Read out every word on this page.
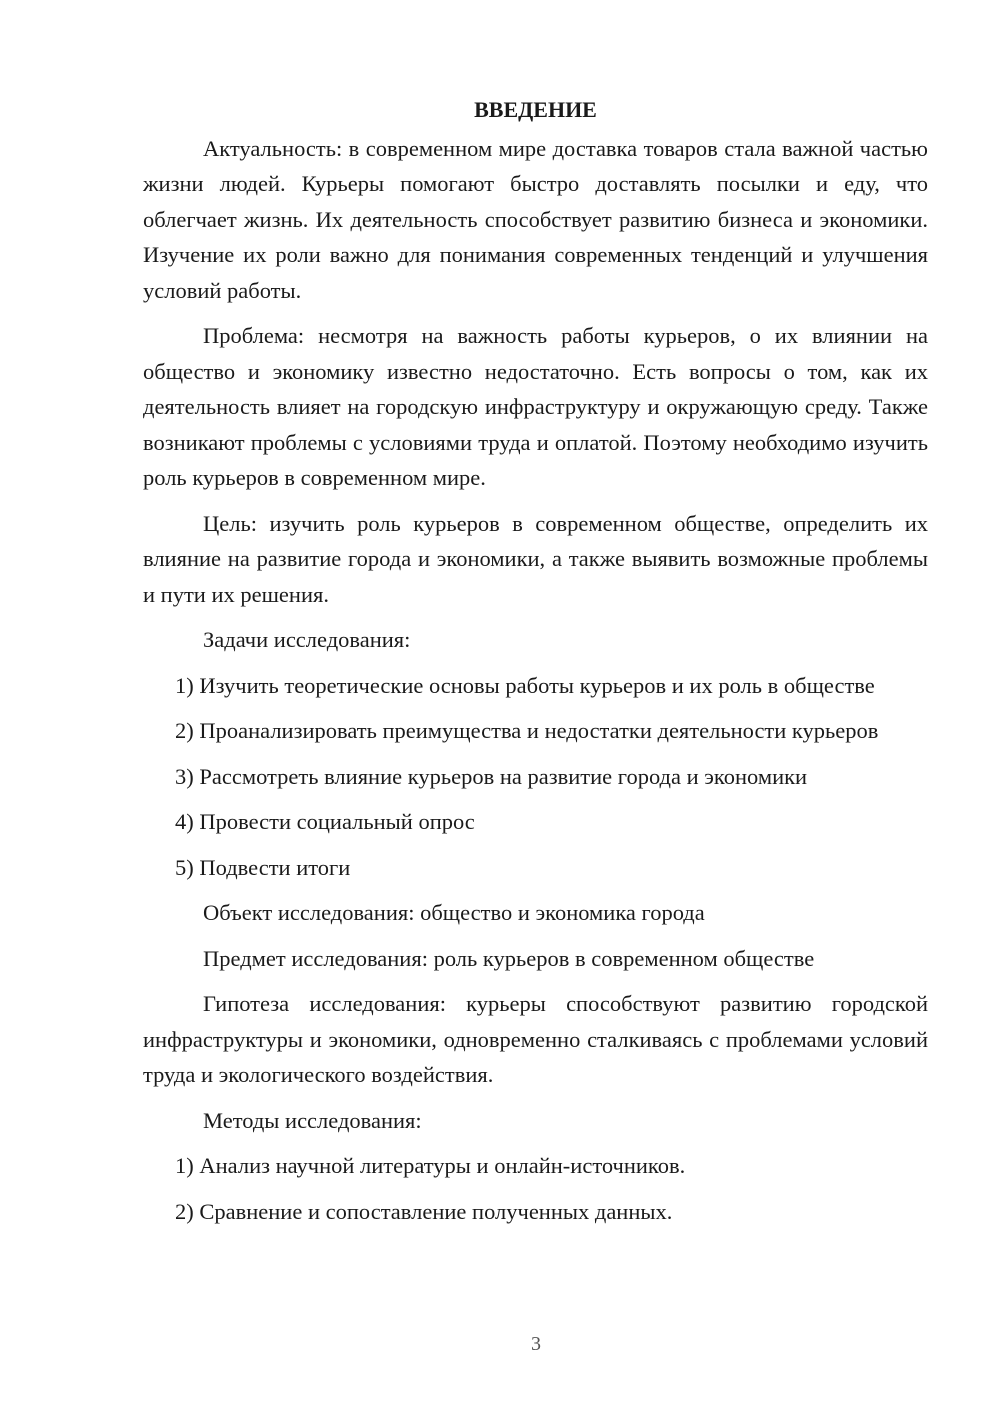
ВВЕДЕНИЕ

Актуальность: в современном мире доставка товаров стала важной частью жизни людей. Курьеры помогают быстро доставлять посылки и еду, что облегчает жизнь. Их деятельность способствует развитию бизнеса и экономики. Изучение их роли важно для понимания современных тенденций и улучшения условий работы.

Проблема: несмотря на важность работы курьеров, о их влиянии на общество и экономику известно недостаточно. Есть вопросы о том, как их деятельность влияет на городскую инфраструктуру и окружающую среду. Также возникают проблемы с условиями труда и оплатой. Поэтому необходимо изучить роль курьеров в современном мире.

Цель: изучить роль курьеров в современном обществе, определить их влияние на развитие города и экономики, а также выявить возможные проблемы и пути их решения.

Задачи исследования:

1) Изучить теоретические основы работы курьеров и их роль в обществе

2) Проанализировать преимущества и недостатки деятельности курьеров

3) Рассмотреть влияние курьеров на развитие города и экономики

4) Провести социальный опрос

5) Подвести итоги

Объект исследования: общество и экономика города

Предмет исследования: роль курьеров в современном обществе

Гипотеза исследования: курьеры способствуют развитию городской инфраструктуры и экономики, одновременно сталкиваясь с проблемами условий труда и экологического воздействия.

Методы исследования:

1) Анализ научной литературы и онлайн-источников.

2) Сравнение и сопоставление полученных данных.

3
